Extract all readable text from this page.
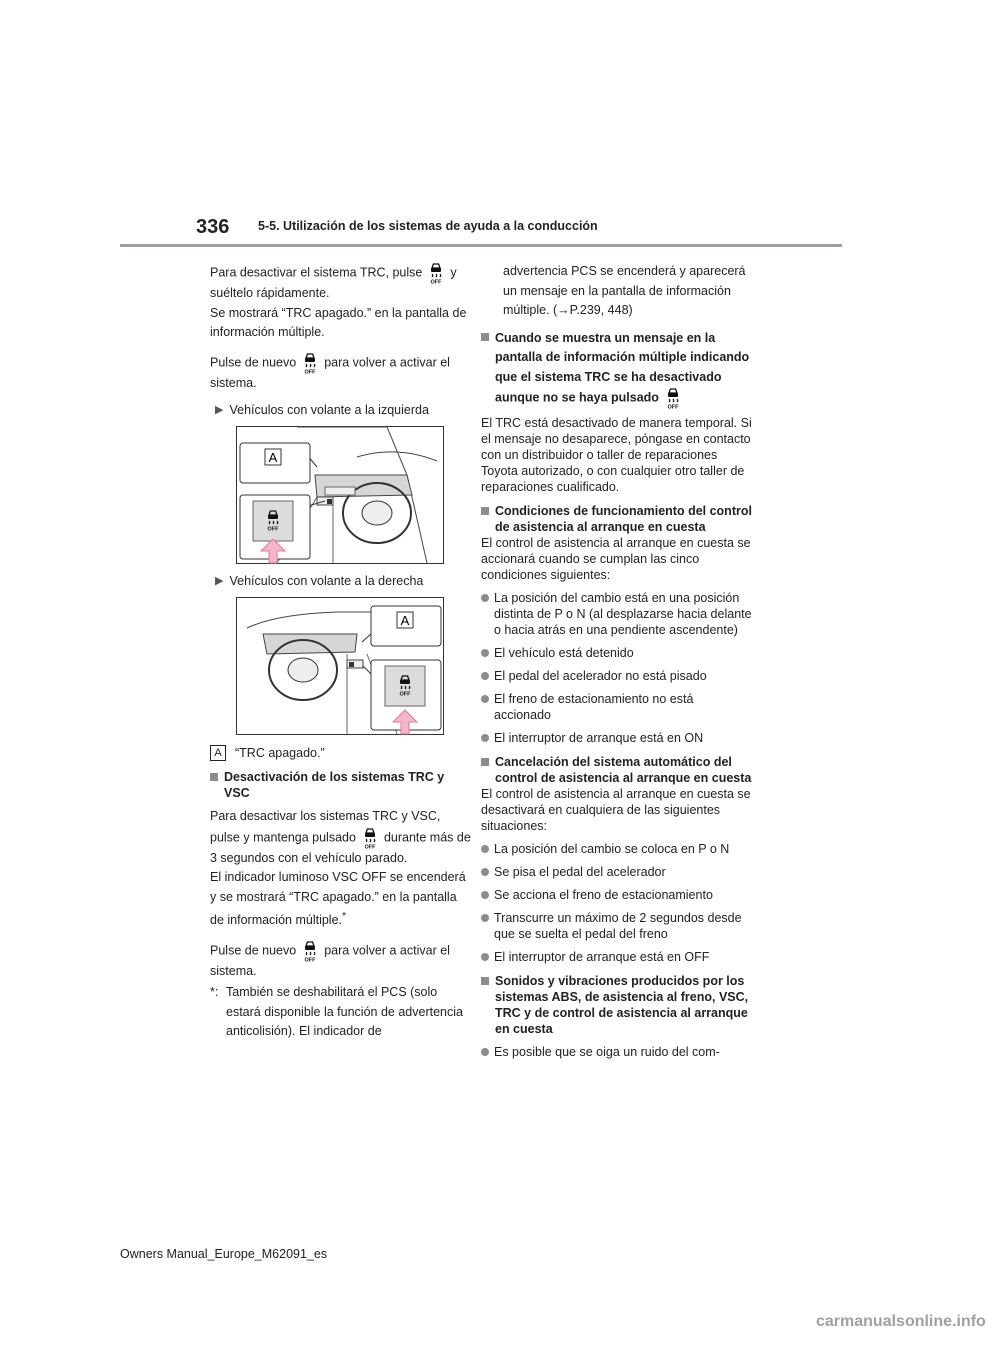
336 5-5. Utilización de los sistemas de ayuda a la conducción

Para desactivar el sistema TRC, pulse y suéltelo rápidamente.

Se mostrará “TRC apagado.” en la pantalla de información múltiple.

Pulse de nuevo para volver a activar el sistema.

▶ Vehículos con volante a la izquierda
A
▶ Vehículos con volante a la derecha
A
A	“TRC apagado.”
Desactivación de los sistemas TRC y VSC

Para desactivar los sistemas TRC y VSC, pulse y mantenga pulsado durante más de 3 segundos con el vehículo parado.

El indicador luminoso VSC OFF se encenderá y se mostrará “TRC apagado.” en la pantalla de información múltiple.*

Pulse de nuevo para volver a activar el sistema.

*: También se deshabilitará el PCS (solo estará disponible la función de advertencia anticolisión). El indicador de

advertencia PCS se encenderá y aparecerá un mensaje en la pantalla de información múltiple. (→P.239, 448)

Cuando se muestra un mensaje en la pantalla de información múltiple indicando que el sistema TRC se ha desactivado aunque no se haya pulsado

El TRC está desactivado de manera temporal. Si el mensaje no desaparece, póngase en contacto con un distribuidor o taller de reparaciones Toyota autorizado, o con cualquier otro taller de reparaciones cualificado.

Condiciones de funcionamiento del control de asistencia al arranque en cuesta

El control de asistencia al arranque en cuesta se accionará cuando se cumplan las cinco condiciones siguientes:

La posición del cambio está en una posición distinta de P o N (al desplazarse hacia delante o hacia atrás en una pendiente ascendente)
El vehículo está detenido
El pedal del acelerador no está pisado
El freno de estacionamiento no está accionado
El interruptor de arranque está en ON
Cancelación del sistema automático del control de asistencia al arranque en cuesta

El control de asistencia al arranque en cuesta se desactivará en cualquiera de las siguientes situaciones:

La posición del cambio se coloca en P o N
Se pisa el pedal del acelerador
Se acciona el freno de estacionamiento
Transcurre un máximo de 2 segundos desde que se suelta el pedal del freno
El interruptor de arranque está en OFF
Sonidos y vibraciones producidos por los sistemas ABS, de asistencia al freno, VSC, TRC y de control de asistencia al arranque en cuesta
Es posible que se oiga un ruido del com-
Owners Manual_Europe_M62091_es
carmanualsonline.info
